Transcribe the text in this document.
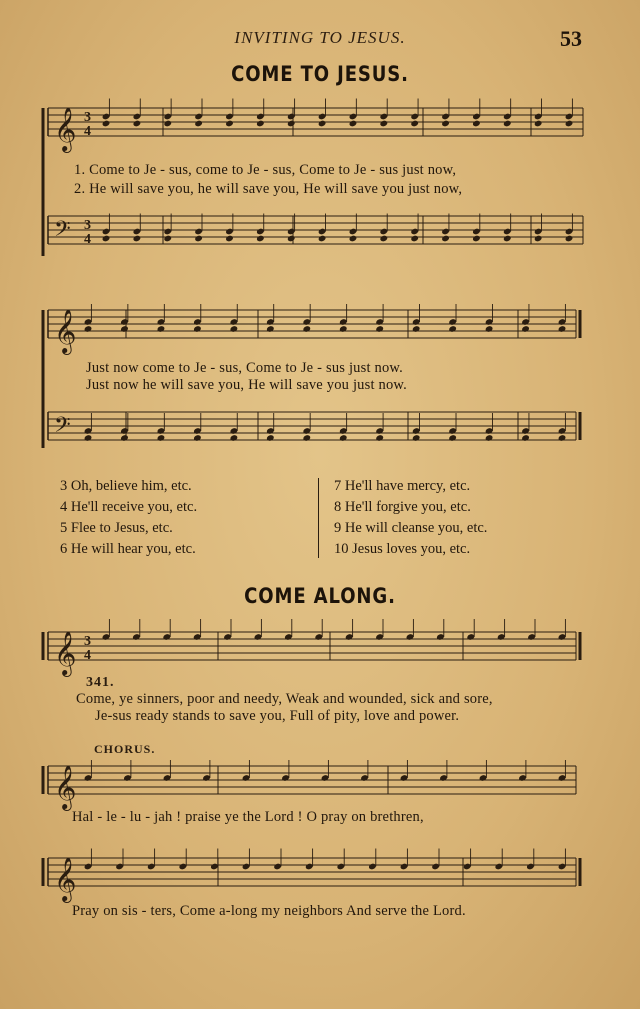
INVITING TO JESUS.	53
COME TO JESUS.
𝄞 3
4
1. Come to Je - sus, come to Je - sus, Come to Je - sus just now,
2. He will save you, he will save you, He will save you just now,
𝄢 3
4
𝄞
Just now come to Je - sus, Come to Je - sus just now.
Just now he will save you, He will save you just now.
𝄢
3 Oh, believe him, etc.
4 He'll receive you, etc.
5 Flee to Jesus, etc.
6 He will hear you, etc.
7 He'll have mercy, etc.
8 He'll forgive you, etc.
9 He will cleanse you, etc.
10 Jesus loves you, etc.
COME ALONG.
𝄞 3
4
341.
Come, ye sinners, poor and needy, Weak and wounded, sick and sore,
Je-sus ready stands to save you, Full of pity, love and power.
CHORUS.
𝄞
Hal - le - lu - jah ! praise ye the Lord ! O pray on brethren,
𝄞
Pray on sis - ters, Come a-long my neighbors And serve the Lord.
